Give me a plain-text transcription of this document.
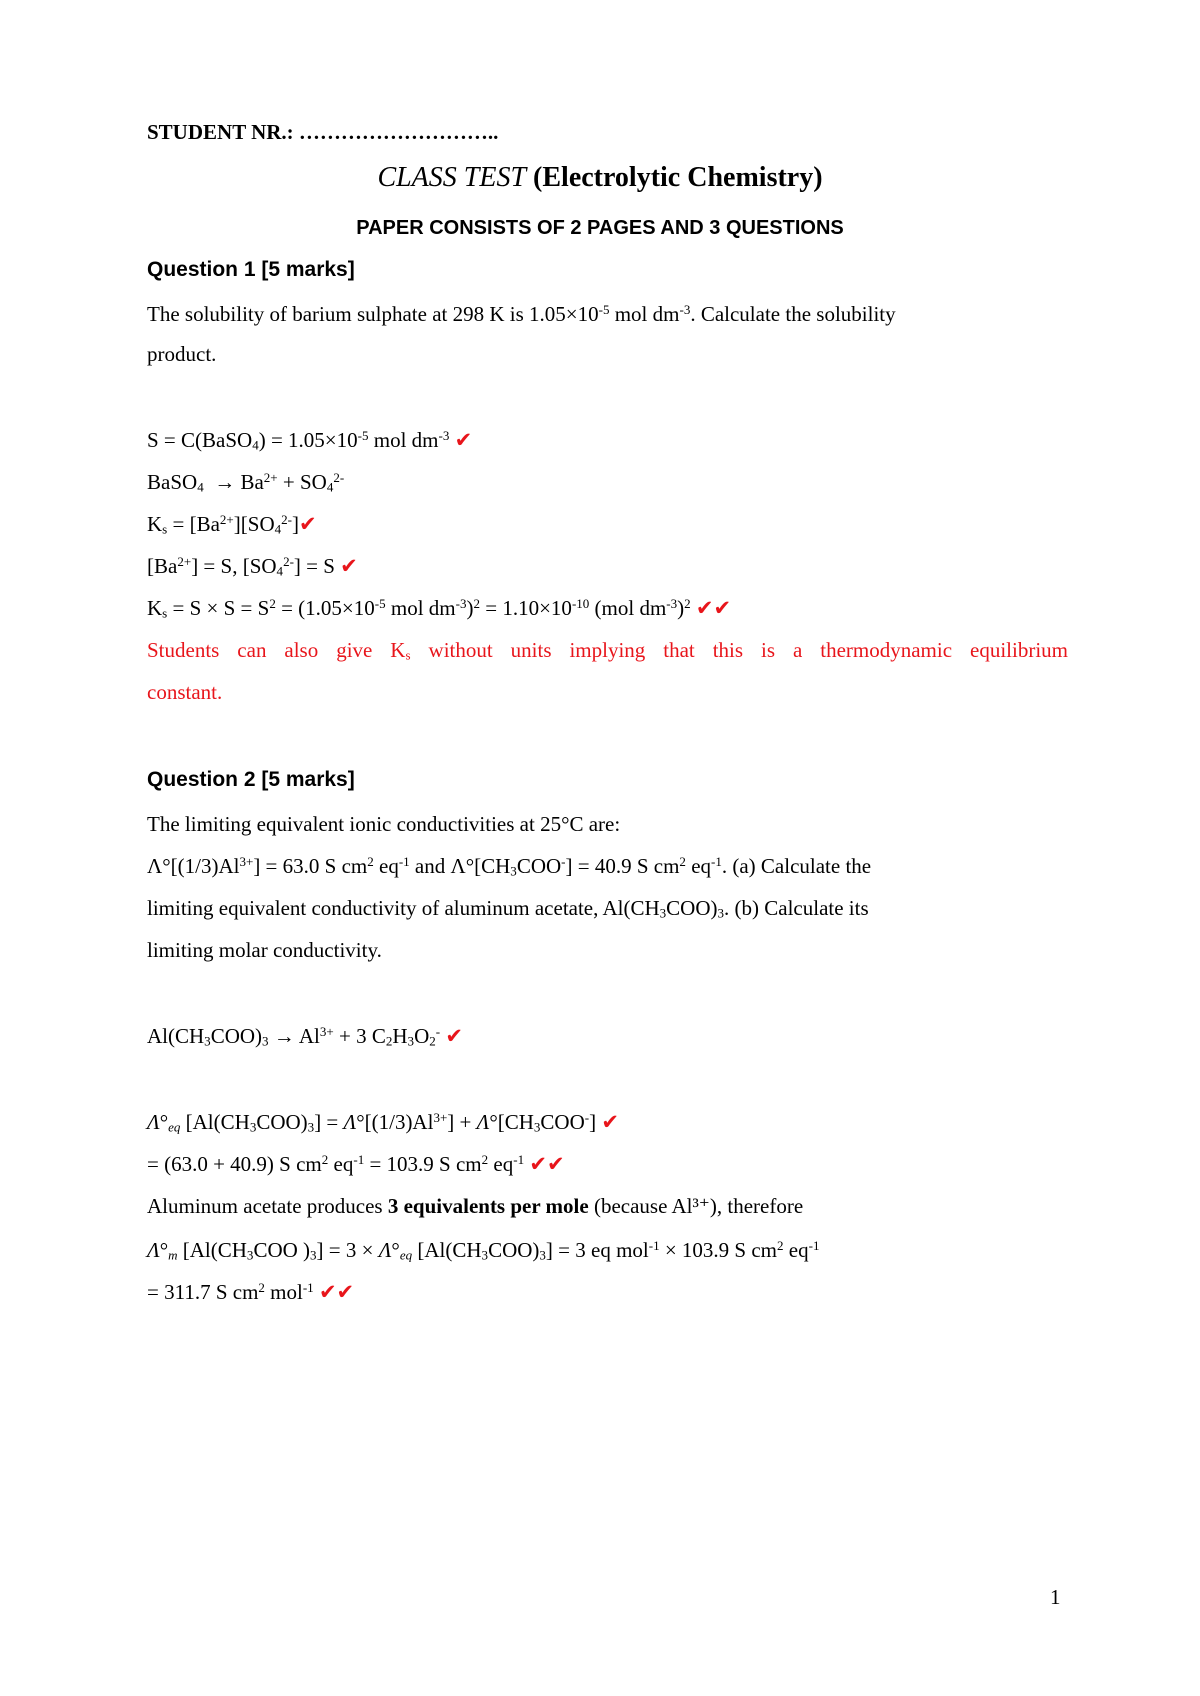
STUDENT NR.: ………………………..
CLASS TEST (Electrolytic Chemistry)
PAPER CONSISTS OF 2 PAGES AND 3 QUESTIONS
Question 1 [5 marks]
The solubility of barium sulphate at 298 K is $1.05\times 10^{-5}$ mol $dm^{-3}$. Calculate the solubility
product.
S = C(BaSO$_4$) = $1.05\times 10^{-5}$ mol $dm^{-3}$ ✔
BaSO$_4$  → $Ba^{2+} + SO_4^{2-}$
$K_s$ = $[Ba^{2+}][SO_4^{2-}]✔$
$[Ba^{2+}] = S$, $[SO_4^{2-}] = S$ ✔
$K_s = S \times S = S^2 = (1.05\times 10^{-5}$ mol $dm^{-3})^2 = 1.10\times 10^{-10}$ (mol $dm^{-3})^2$ ✔✔
Students can also give $K_s$ without units implying that this is a thermodynamic equilibrium
constant.
Question 2 [5 marks]
The limiting equivalent ionic conductivities at 25°C are:
$\Lambda^\circ[(1/3)Al^{3+}] = 63.0$ S $cm^2$ $eq^{-1}$ and $\Lambda^\circ[CH_3COO^-] = 40.9$ S $cm^2$ $eq^{-1}$. (a) Calculate the
limiting equivalent conductivity of aluminum acetate, $Al(CH_3COO)_3$. (b) Calculate its
limiting molar conductivity.
$Al(CH_3COO)_3 \to Al^{3+} + 3$ $C_2H_3O_2^-$ ✔
$\Lambda^\circ_{eq}$ $[Al(CH_3COO)_3] = \Lambda^\circ[(1/3)Al^{3+}] + \Lambda^\circ[CH_3COO^-]$ ✔
= (63.0 + 40.9) S $cm^2$ $eq^{-1} = 103.9$ S $cm^2$ $eq^{-1}$ ✔✔
Aluminum acetate produces 3 equivalents per mole (because Al³⁺), therefore
$\Lambda^\circ_m$ [$Al(CH_3COO$ )$_3] = 3 \times \Lambda^\circ_{eq}$ $[Al(CH_3COO)_3] = 3$ eq mol$^{-1}$ × 103.9 S $cm^2$ $eq^{-1}$
= 311.7 S $cm^2$ mol$^{-1}$ ✔✔
1
